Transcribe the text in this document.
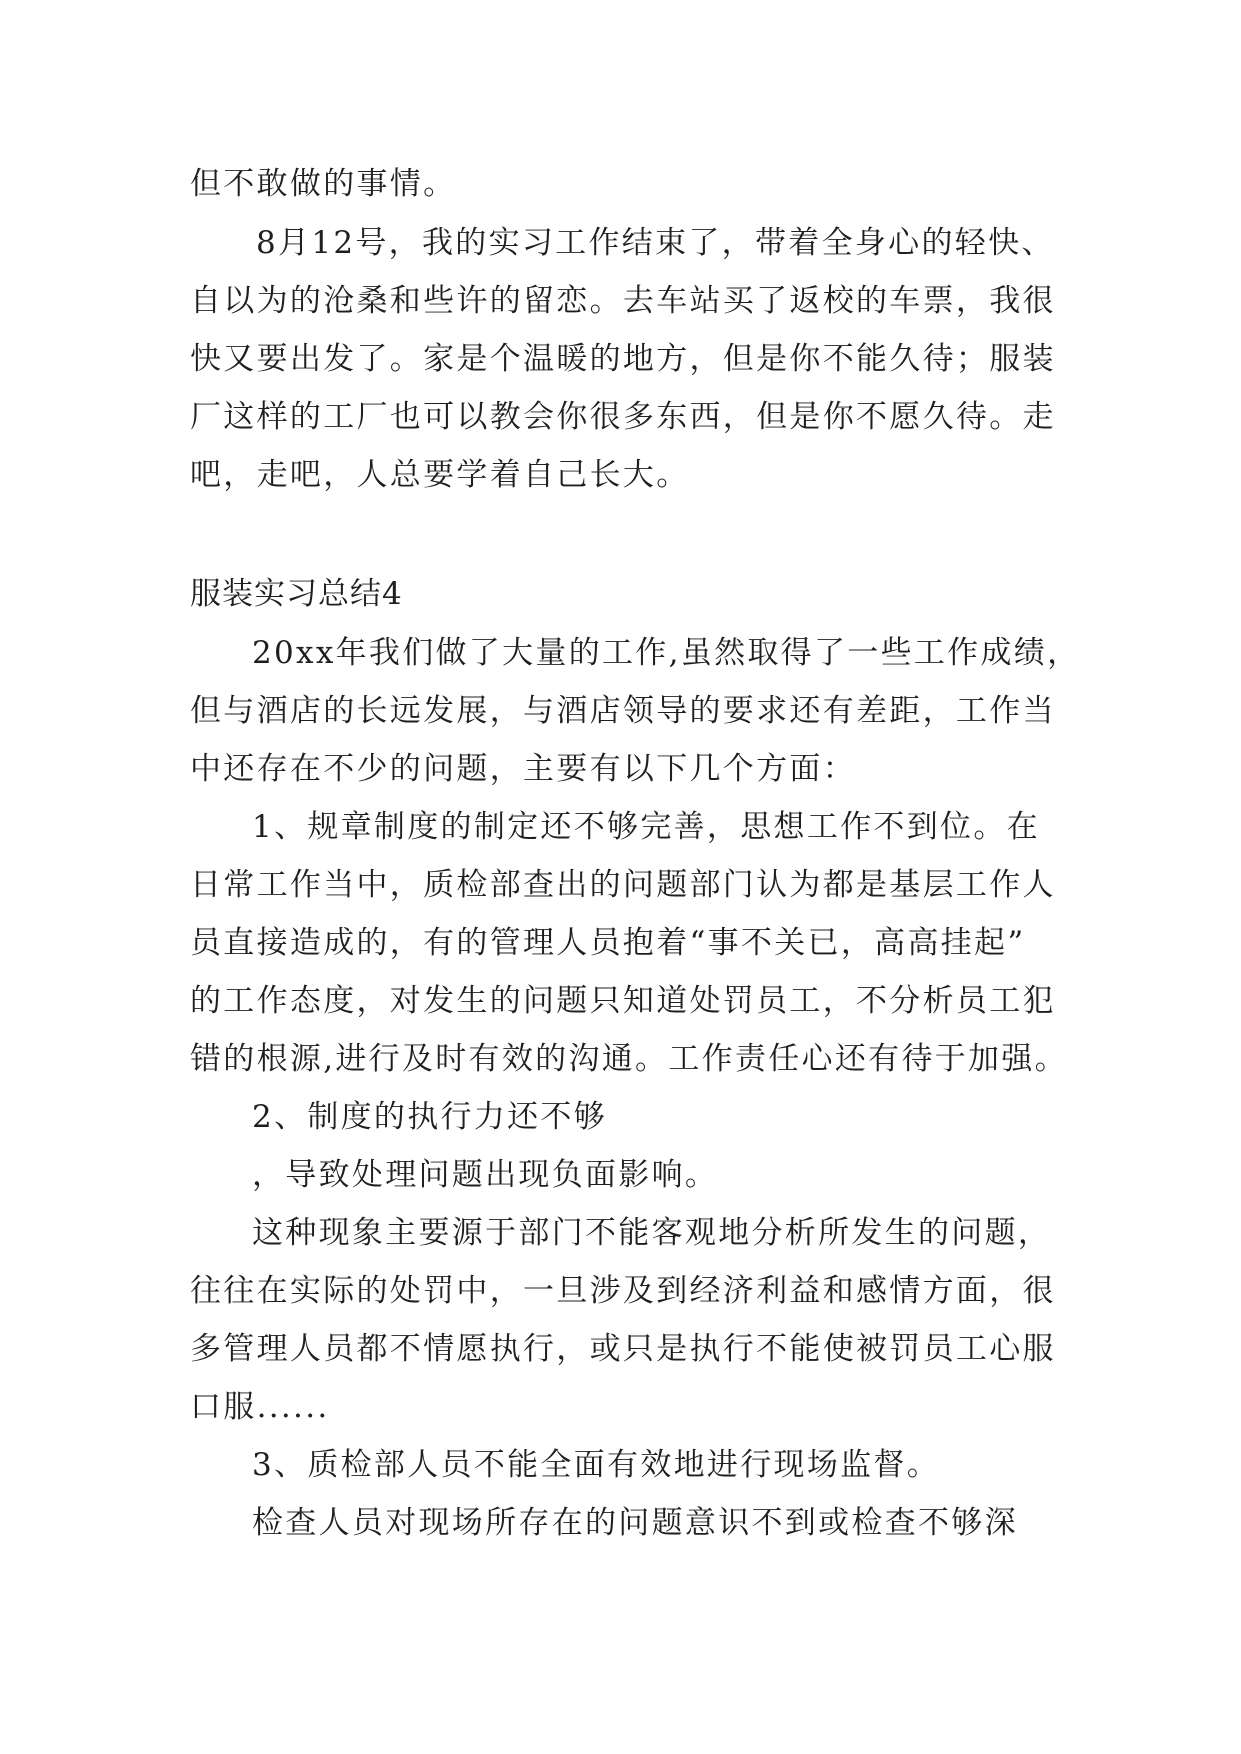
但不敢做的事情。
8月12号，我的实习工作结束了，带着全身心的轻快、
自以为的沧桑和些许的留恋。去车站买了返校的车票，我很
快又要出发了。家是个温暖的地方，但是你不能久待；服装
厂这样的工厂也可以教会你很多东西，但是你不愿久待。走
吧，走吧，人总要学着自己长大。
服装实习总结4
20xx年我们做了大量的工作,虽然取得了一些工作成绩，
但与酒店的长远发展，与酒店领导的要求还有差距，工作当
中还存在不少的问题，主要有以下几个方面：
1、规章制度的制定还不够完善，思想工作不到位。在
日常工作当中，质检部查出的问题部门认为都是基层工作人
员直接造成的，有的管理人员抱着“事不关已，高高挂起”
的工作态度，对发生的问题只知道处罚员工，不分析员工犯
错的根源,进行及时有效的沟通。工作责任心还有待于加强。
2、制度的执行力还不够
，导致处理问题出现负面影响。
这种现象主要源于部门不能客观地分析所发生的问题，
往往在实际的处罚中，一旦涉及到经济利益和感情方面，很
多管理人员都不情愿执行，或只是执行不能使被罚员工心服
口服......
3、质检部人员不能全面有效地进行现场监督。
检查人员对现场所存在的问题意识不到或检查不够深
